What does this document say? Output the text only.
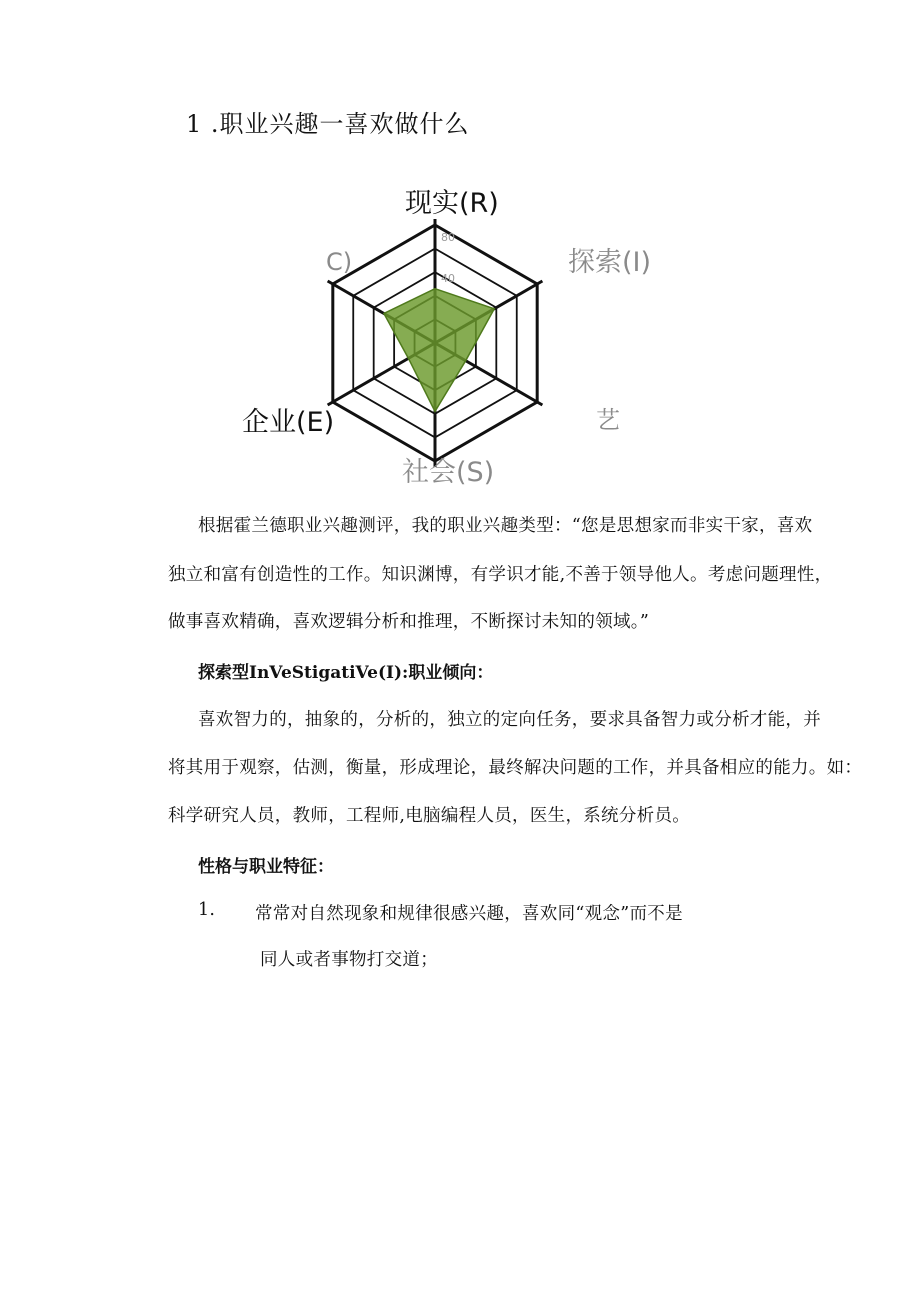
1 .职业兴趣一喜欢做什么
80
40
现实(R)
探索(I)
艺
社会(S)
企业(E)
C)
根据霍兰德职业兴趣测评，我的职业兴趣类型：“您是思想家而非实干家，喜欢
独立和富有创造性的工作。知识渊博，有学识才能,不善于领导他人。考虑问题理性，
做事喜欢精确，喜欢逻辑分析和推理，不断探讨未知的领域。”
探索型InVeStigatiVe(I):职业倾向：
喜欢智力的，抽象的，分析的，独立的定向任务，要求具备智力或分析才能，并
将其用于观察，估测，衡量，形成理论，最终解决问题的工作，并具备相应的能力。如：
科学研究人员，教师，工程师,电脑编程人员，医生，系统分析员。
性格与职业特征：
1. 常常对自然现象和规律很感兴趣，喜欢同“观念”而不是
同人或者事物打交道；
